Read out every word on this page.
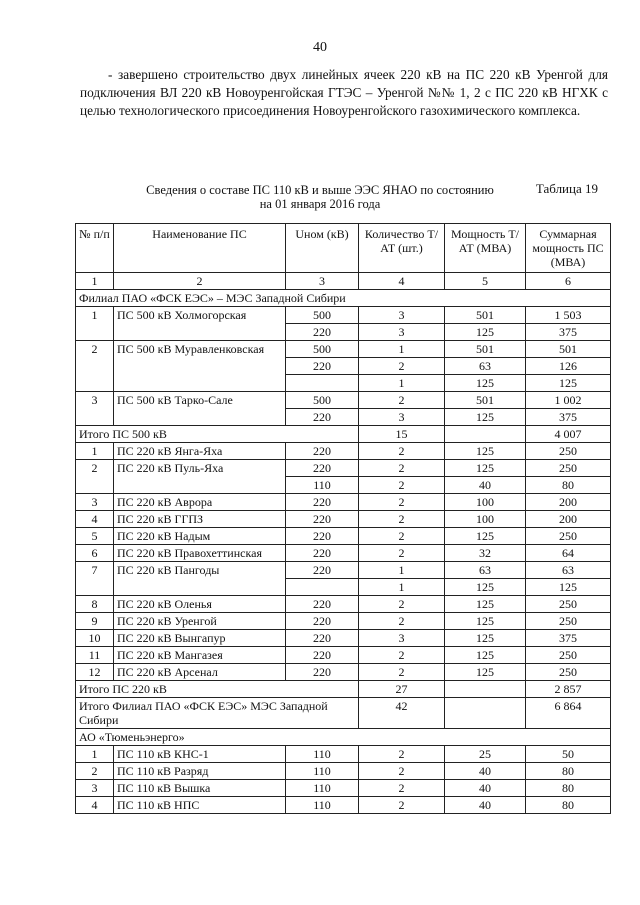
40

- завершено строительство двух линейных ячеек 220 кВ на ПС 220 кВ Уренгой для подключения ВЛ 220 кВ Новоуренгойская ГТЭС – Уренгой №№ 1, 2 с ПС 220 кВ НГХК с целью технологического присоединения Новоуренгойского газохимического комплекса.

Таблица 19
Сведения о составе ПС 110 кВ и выше ЭЭС ЯНАО по состоянию
на 01 января 2016 года
№ п/п	Наименование ПС	Uном (кВ)	Количество Т/АТ (шт.)	Мощность Т/АТ (МВА)	Суммарная мощность ПС (МВА)
1	2	3	4	5	6
Филиал ПАО «ФСК ЕЭС» – МЭС Западной Сибири					
1	ПС 500 кВ Холмогорская	500	3	501	1 503
		220	3	125	375
2	ПС 500 кВ Муравленковская	500	1	501	501
		220	2	63	126
			1	125	125
3	ПС 500 кВ Тарко-Сале	500	2	501	1 002
		220	3	125	375
Итого ПС 500 кВ			15		4 007
1	ПС 220 кВ Янга-Яха	220	2	125	250
2	ПС 220 кВ Пуль-Яха	220	2	125	250
		110	2	40	80
3	ПС 220 кВ Аврора	220	2	100	200
4	ПС 220 кВ ГГПЗ	220	2	100	200
5	ПС 220 кВ Надым	220	2	125	250
6	ПС 220 кВ Правохеттинская	220	2	32	64
7	ПС 220 кВ Пангоды	220	1	63	63
			1	125	125
8	ПС 220 кВ Оленья	220	2	125	250
9	ПС 220 кВ Уренгой	220	2	125	250
10	ПС 220 кВ Вынгапур	220	3	125	375
11	ПС 220 кВ Мангазея	220	2	125	250
12	ПС 220 кВ Арсенал	220	2	125	250
Итого ПС 220 кВ			27		2 857
Итого Филиал ПАО «ФСК ЕЭС» МЭС Западной Сибири			42		6 864
АО «Тюменьэнерго»					
1	ПС 110 кВ КНС-1	110	2	25	50
2	ПС 110 кВ Разряд	110	2	40	80
3	ПС 110 кВ Вышка	110	2	40	80
4	ПС 110 кВ НПС	110	2	40	80
